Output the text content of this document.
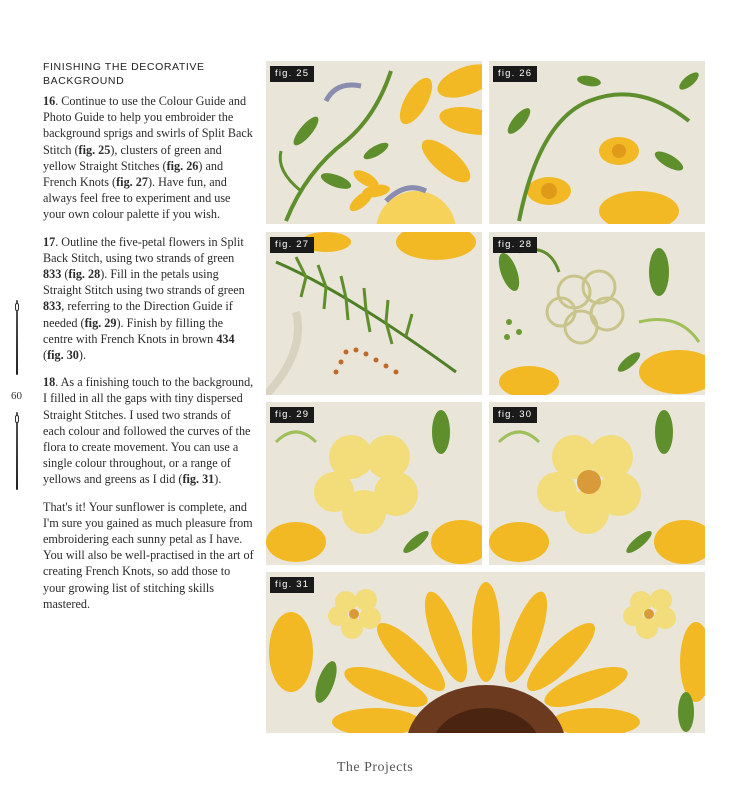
FINISHING THE DECORATIVE
BACKGROUND

16. Continue to use the Colour Guide and Photo Guide to help you embroider the background sprigs and swirls of Split Back Stitch (fig. 25), clusters of green and yellow Straight Stitches (fig. 26) and French Knots (fig. 27). Have fun, and always feel free to experiment and use your own colour palette if you wish.

17. Outline the five-petal flowers in Split Back Stitch, using two strands of green 833 (fig. 28). Fill in the petals using Straight Stitch using two strands of green 833, referring to the Direction Guide if needed (fig. 29). Finish by filling the centre with French Knots in brown 434 (fig. 30).

18. As a finishing touch to the background, I filled in all the gaps with tiny dispersed Straight Stitches. I used two strands of each colour and followed the curves of the flora to create movement. You can use a single colour throughout, or a range of yellows and greens as I did (fig. 31).

That's it! Your sunflower is complete, and I'm sure you gained as much pleasure from embroidering each sunny petal as I have. You will also be well-practised in the art of creating French Knots, so add those to your growing list of stitching skills mastered.

60
fig. 25	fig. 26
fig. 27	fig. 28
fig. 29	fig. 30
fig. 31
The Projects
